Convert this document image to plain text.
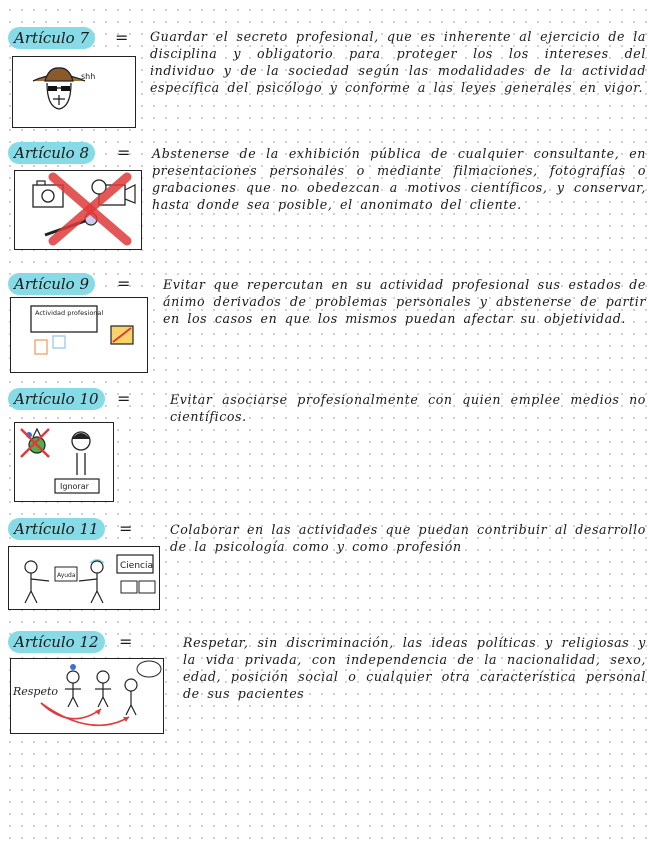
Artículo 7	= Guardar el secreto profesional, que es inherente al ejercicio de la disciplina y obligatorio para proteger los los intereses del individuo y de la sociedad según las modalidades de la actividad específica del psicólogo y conforme a las leyes generales en vigor.

shh
Artículo 8	= Abstenerse de la exhibición pública de cualquier consultante, en presentaciones personales o mediante filmaciones, fotografías o grabaciones que no obedezcan a motivos científicos, y conservar, hasta donde sea posible, el anonimato del cliente.

Artículo 9	=	Evitar que repercutan en su actividad profesional sus estados de ánimo derivados de problemas personales y abstenerse de partir en los casos en que los mismos puedan afectar su objetividad.

Actividad profesional
Artículo 10	=	Evitar asociarse profesionalmente con quien emplee medios no científicos.

Ignorar
Artículo 11	=	Colaborar en las actividades que puedan contribuir al desarrollo de la psicología como y como profesión

Ayuda
Ciencia
Artículo 12	=	Respetar, sin discriminación, las ideas políticas y religiosas y la vida privada, con independencia de la nacionalidad, sexo, edad, posición social o cualquier otra característica personal de sus pacientes

Respeto
